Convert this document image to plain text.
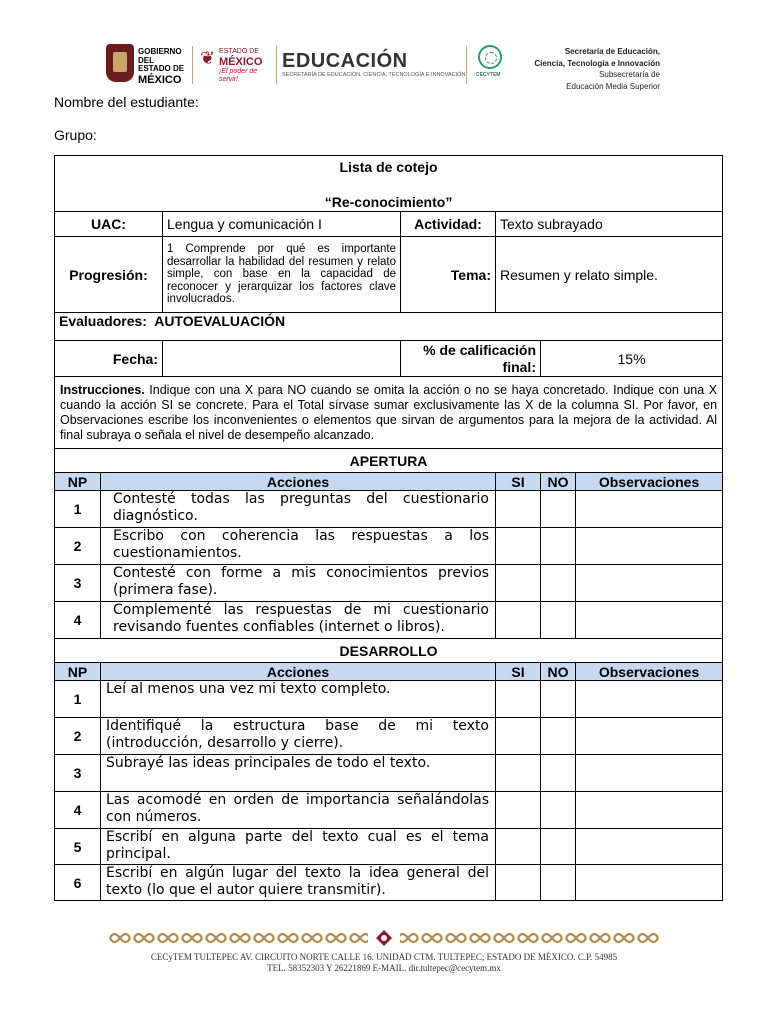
GOBIERNO DEL
ESTADO DE
MÉXICO
❦ ESTADO DE
MÉXICO
¡El poder de servir!
EDUCACIÓN
SECRETARÍA DE EDUCACIÓN, CIENCIA, TECNOLOGÍA E INNOVACIÓN CECYTEM
Secretaría de Educación,
Ciencia, Tecnología e Innovación
Subsecretaría de
Educación Media Superior
Nombre del estudiante:
Grupo:
Lista de cotejo
“Re-conocimiento”						

UAC:		Lengua y comunicación I	Actividad:	Texto subrayado		
Progresión:		1 Comprende por qué es importante desarrollar la habilidad del resumen y relato simple, con base en la capacidad de reconocer y jerarquizar los factores clave involucrados.	Tema:	Resumen y relato simple.		
Evaluadores: AUTOEVALUACIÓN						
Fecha:			% de calificación final:		15%	
Instrucciones. Indique con una X para NO cuando se omita la acción o no se haya concretado. Indique con una X cuando la acción SI se concrete. Para el Total sírvase sumar exclusivamente las X de la columna SI. Por favor, en Observaciones escribe los inconvenientes o elementos que sirvan de argumentos para la mejora de la actividad. Al final subraya o señala el nivel de desempeño alcanzado.						
APERTURA						
NP	Acciones			SI	NO	Observaciones
1	Contesté todas las preguntas del cuestionario diagnóstico.					
2	Escribo con coherencia las respuestas a los cuestionamientos.					
3	Contesté con forme a mis conocimientos previos (primera fase).					
4	Complementé las respuestas de mi cuestionario revisando fuentes confiables (internet o libros).					
DESARROLLO						
NP	Acciones			SI	NO	Observaciones
1	Leí al menos una vez mi texto completo.					
2	Identifiqué la estructura base de mi texto (introducción, desarrollo y cierre).					
3	Subrayé las ideas principales de todo el texto.					
4	Las acomodé en orden de importancia señalándolas con números.					
5	Escribí en alguna parte del texto cual es el tema principal.					
6	Escribí en algún lugar del texto la idea general del texto (lo que el autor quiere transmitir).					
CECyTEM TULTEPEC AV. CIRCUITO NORTE CALLE 16. UNIDAD CTM. TULTEPEC; ESTADO DE MÉXICO. C.P. 54985
TEL. 58352303 Y 26221869 E-MAIL. dir.tultepec@cecytem.mx
